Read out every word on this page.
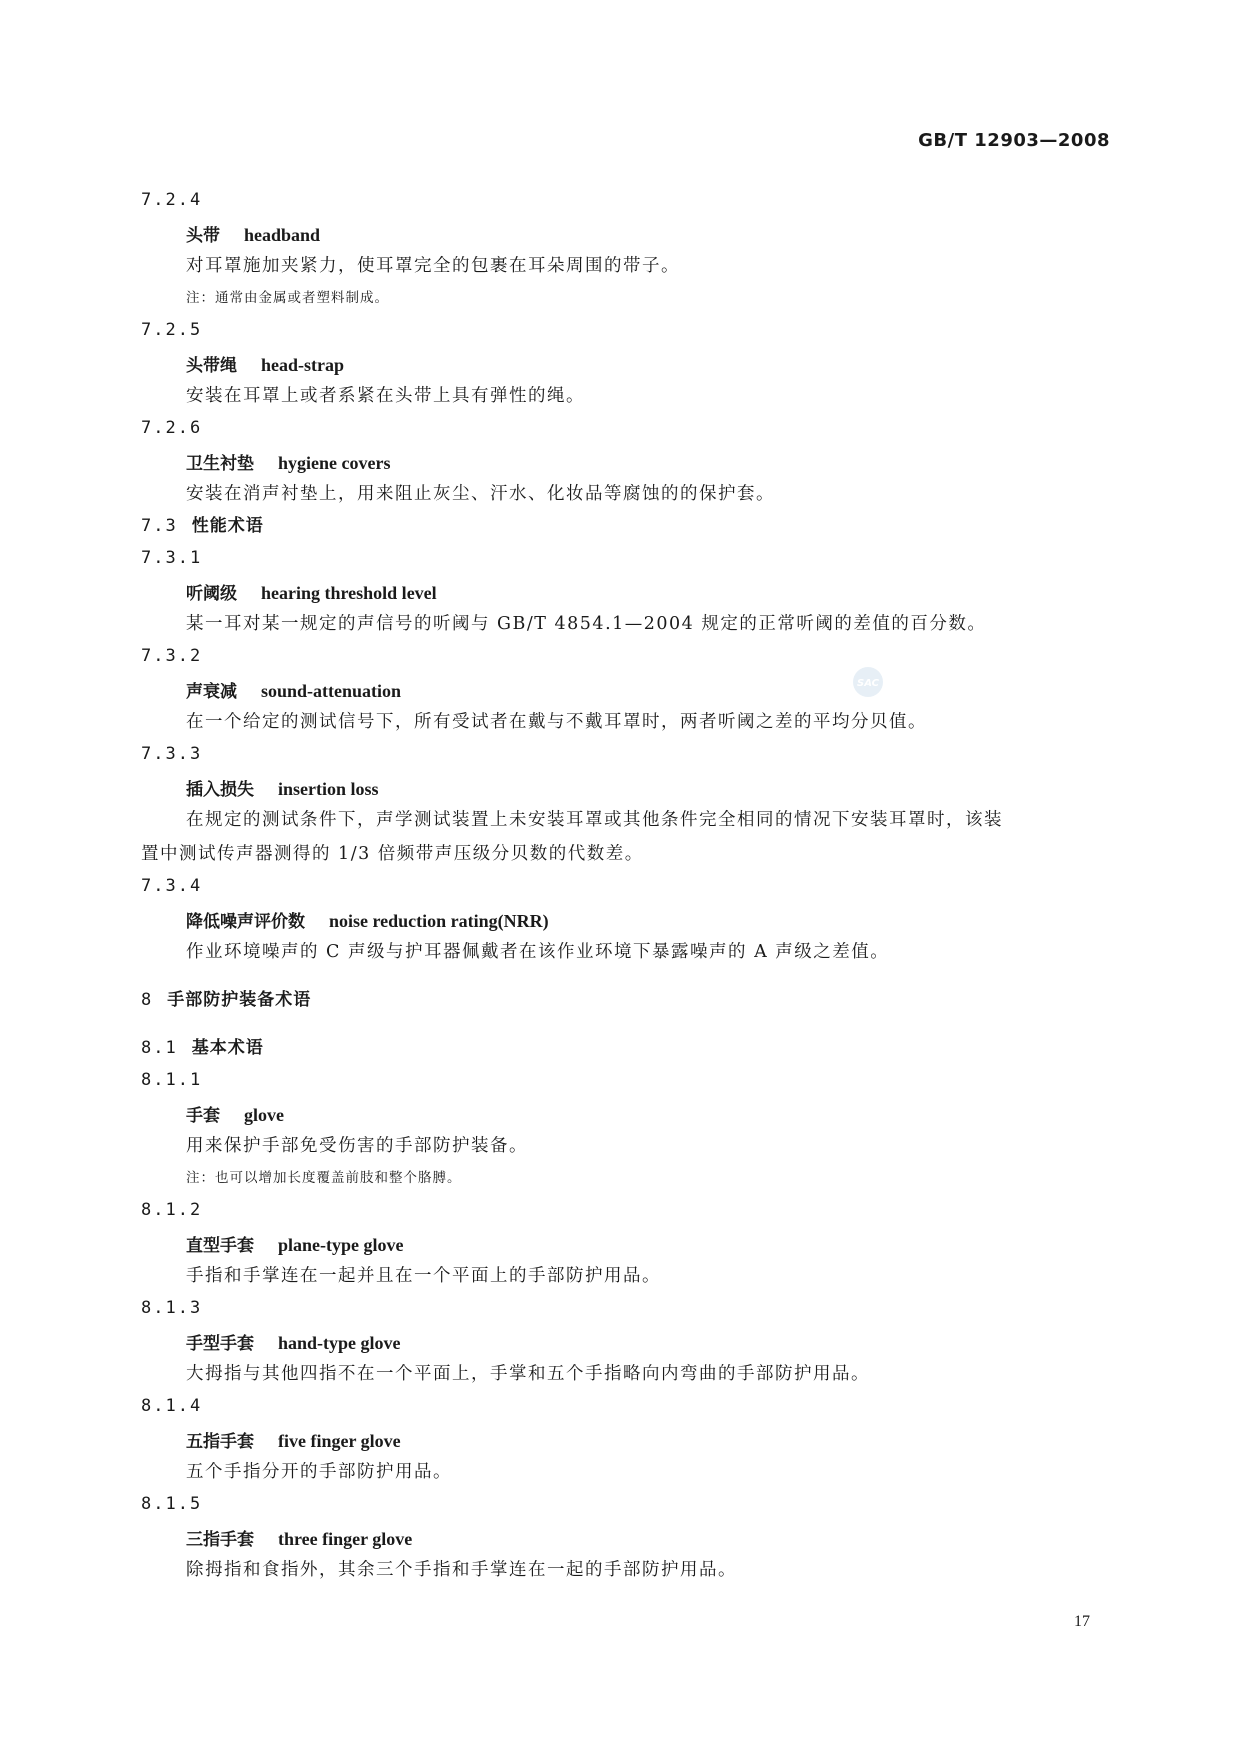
GB/T 12903—2008
7.2.4
头带 headband
对耳罩施加夹紧力，使耳罩完全的包裹在耳朵周围的带子。
注：通常由金属或者塑料制成。
7.2.5
头带绳 head-strap
安装在耳罩上或者系紧在头带上具有弹性的绳。
7.2.6
卫生衬垫 hygiene covers
安装在消声衬垫上，用来阻止灰尘、汗水、化妆品等腐蚀的的保护套。
7.3 性能术语
7.3.1
听阈级 hearing threshold level
某一耳对某一规定的声信号的听阈与 GB/T 4854.1—2004 规定的正常听阈的差值的百分数。
7.3.2
声衰减 sound-attenuation
在一个给定的测试信号下，所有受试者在戴与不戴耳罩时，两者听阈之差的平均分贝值。
7.3.3
插入损失 insertion loss
在规定的测试条件下，声学测试装置上未安装耳罩或其他条件完全相同的情况下安装耳罩时，该装
置中测试传声器测得的 1/3 倍频带声压级分贝数的代数差。
7.3.4
降低噪声评价数 noise reduction rating(NRR)
作业环境噪声的 C 声级与护耳器佩戴者在该作业环境下暴露噪声的 A 声级之差值。
8 手部防护装备术语
8.1 基本术语
8.1.1
手套 glove
用来保护手部免受伤害的手部防护装备。
注：也可以增加长度覆盖前肢和整个胳膊。
8.1.2
直型手套 plane-type glove
手指和手掌连在一起并且在一个平面上的手部防护用品。
8.1.3
手型手套 hand-type glove
大拇指与其他四指不在一个平面上，手掌和五个手指略向内弯曲的手部防护用品。
8.1.4
五指手套 five finger glove
五个手指分开的手部防护用品。
8.1.5
三指手套 three finger glove
除拇指和食指外，其余三个手指和手掌连在一起的手部防护用品。
SAC
17
